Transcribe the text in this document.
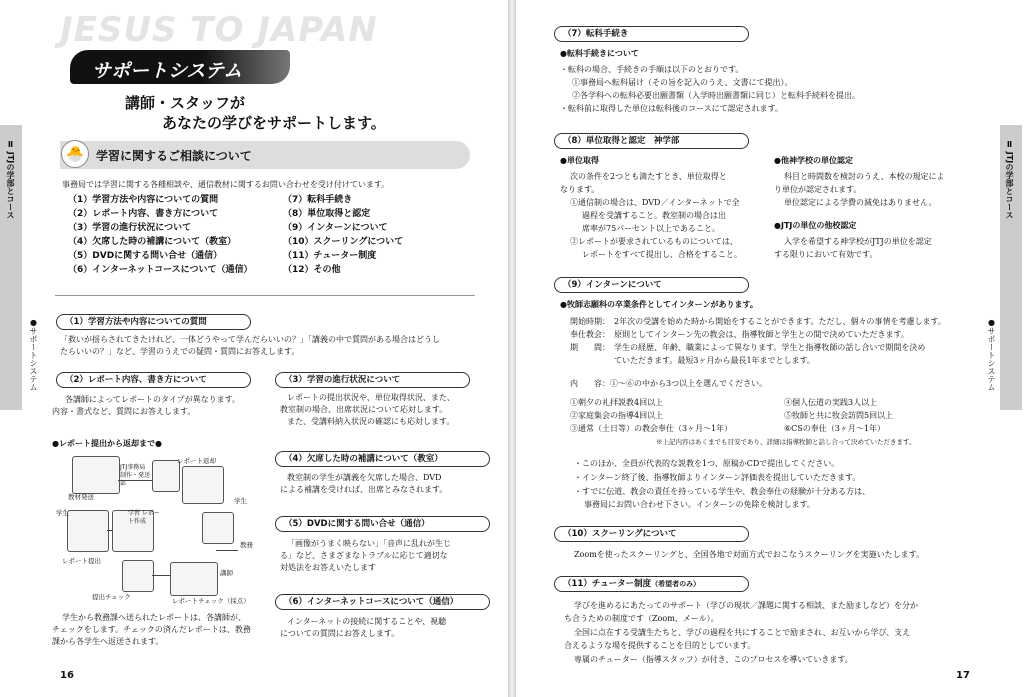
JESUS TO JAPAN
サポートシステム
講師・スタッフが
あなたの学びをサポートします。
🐣 学習に関するご相談について
事務局では学習に関する各種相談や、通信教材に関するお問い合わせを受け付けています。
（1）学習方法や内容についての質問
（2）レポート内容、書き方について
（3）学習の進行状況について
（4）欠席した時の補講について（教室）
（5）DVDに関する問い合せ（通信）
（6）インターネットコースについて（通信）
（7）転科手続き
（8）単位取得と認定
（9）インターンについて
（10）スクーリングについて
（11）チューター制度
（12）その他
Ⅱ JTJの学部とコース
●サポートシステム	（1）学習方法や内容についての質問
「救いが揺らされてきたけれど、一体どうやって学んだらいいの？」「講義の中で質問がある場合はどうし
たらいいの？」など、学習のうえでの疑問・質問にお答えします。
（2）レポート内容、書き方について
各講師によってレポートのタイプが異なります。
内容・書式など、質問にお答えします。
（3）学習の進行状況について
レポートの提出状況や、単位取得状況、また、
教室制の場合、出席状況について応対します。
また、受講料納入状況の確認にも応対します。
●レポート提出から返却まで●
レポート返却
JTJ事務局 制作・発送部
教材発送
学生	学習 レポート作成
学生
レポート提出
教務
講師
提出チェック	レポートチェック（採点）
学生から教務課へ送られたレポートは、各講師が、
チェックをします。チェックの済んだレポートは、教務
課から各学生へ返送されます。
（4）欠席した時の補講について（教室）
教室制の学生が講義を欠席した場合、DVD
による補講を受ければ、出席とみなされます。
（5）DVDに関する問い合せ（通信）
「画像がうまく映らない」「音声に乱れが生じ
る」など、さまざまなトラブルに応じて適切な
対処法をお答えいたします
（6）インターネットコースについて（通信）
インターネットの接続に関することや、視聴
についての質問にお答えします。
16
Ⅱ JTJの学部とコース
●サポートシステム
（7）転科手続き
●転科手続きについて
・転科の場合、手続きの手順は以下のとおりです。
①事務局へ転科届け（その旨を記入のうえ、文書にて提出）。
②各学科への転科必要出願書類（入学時出願書類に同じ）と転科手続料を提出。
・転科前に取得した単位は転科後のコースにて認定されます。
（8）単位取得と認定　神学部
●単位取得
次の条件を2つとも満たすとき、単位取得と
なります。
①通信制の場合は、DVD／インターネットで全
過程を受講すること。教室制の場合は出
席率が75パーセント以上であること。
②レポートが要求されているものについては、
レポートをすべて提出し、合格をすること。
●他神学校の単位認定
科目と時間数を検討のうえ、本校の規定によ
り単位が認定されます。
単位認定による学費の減免はありません。
●JTJの単位の他校認定
入学を希望する神学校がJTJの単位を認定
する限りにおいて有効です。
（9）インターンについて
●牧師志願科の卒業条件としてインターンがあります。
開始時期： 2年次の受講を始めた時から開始をすることができます。ただし、個々の事情を考慮します。
奉仕教会： 原則としてインターン先の教会は、指導牧師と学生との間で決めていただきます。
期　　間： 学生の経歴、年齢、職業によって異なります。学生と指導牧師の話し合いで期間を決め
ていただきます。最短3ヶ月から最長1年までとします。
内　　容：①～⑥の中から3つ以上を選んでください。
①朝夕の礼拝説教4回以上
②家庭集会の指導4回以上
③通常（土日等）の教会奉仕（3ヶ月～1年）
④個人伝道の実践3人以上
⑤牧師と共に牧会訪問5回以上
⑥CSの奉仕（3ヶ月～1年）
※上記内容はあくまでも目安であり、詳細は指導牧師と話し合って決めていただきます。
・このほか、全員が代表的な説教を1つ、原稿かCDで提出してください。
・インターン終了後、指導牧師よりインターン評価表を提出していただきます。
・すでに伝道、教会の責任を持っている学生や、教会奉仕の経験が十分ある方は、
事務局にお問い合わせ下さい。インターンの免除を検討します。
（10）スクーリングについて
Zoomを使ったスクーリングと、全国各地で対面方式でおこなうスクーリングを実施いたします。
（11）チューター制度（希望者のみ）
学びを進めるにあたってのサポート（学びの現状／課題に関する相談、また励ましなど）を分か
ち合うための制度です（Zoom、メール）。
全国に点在する受講生たちと、学びの過程を共にすることで励まされ、お互いから学び、支え
合えるような場を提供することを目的としています。
専属のチューター（指導スタッフ）が付き、このプロセスを導いていきます。
17
